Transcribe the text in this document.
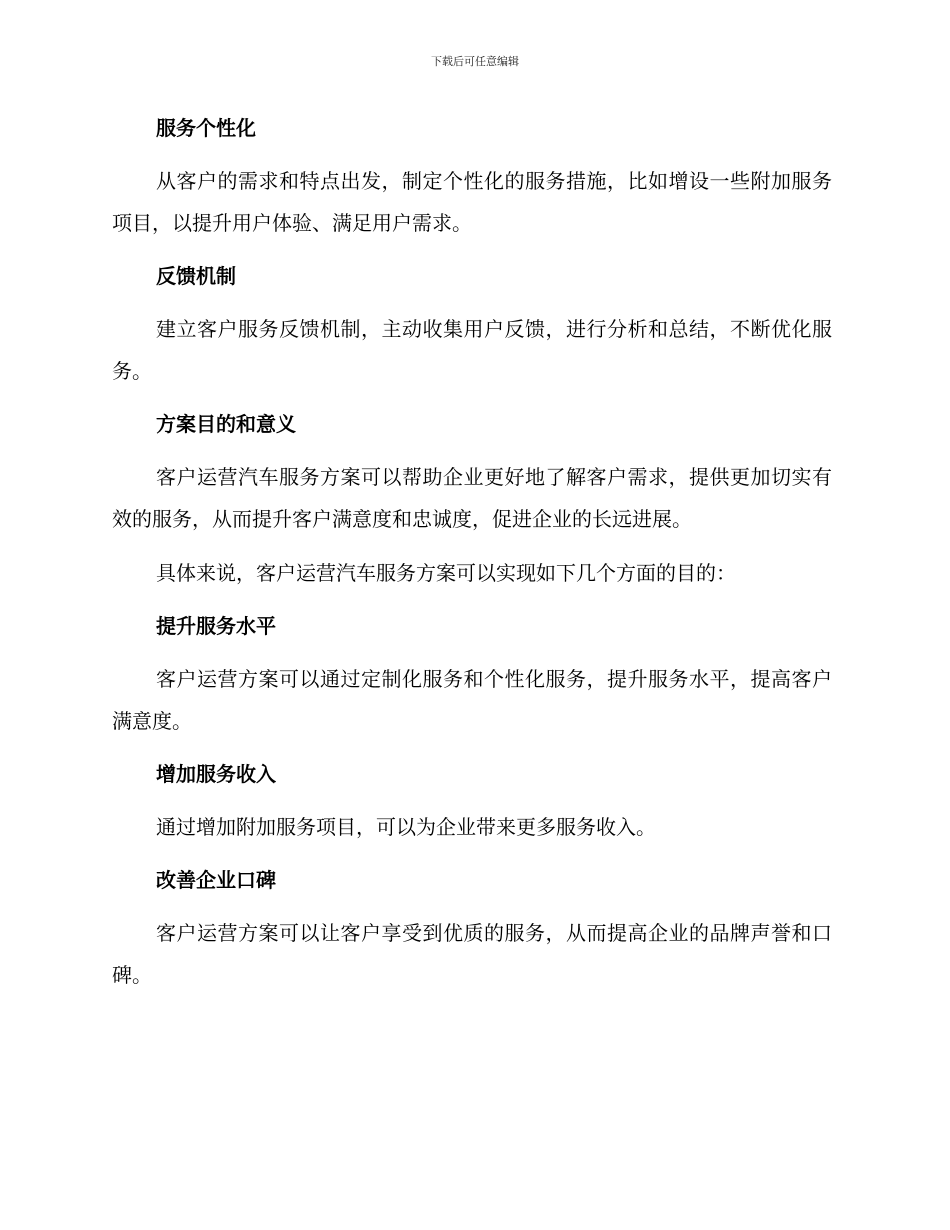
下载后可任意编辑
服务个性化

从客户的需求和特点出发，制定个性化的服务措施，比如增设一些附加服务项目，以提升用户体验、满足用户需求。

反馈机制

建立客户服务反馈机制，主动收集用户反馈，进行分析和总结，不断优化服务。

方案目的和意义

客户运营汽车服务方案可以帮助企业更好地了解客户需求，提供更加切实有效的服务，从而提升客户满意度和忠诚度，促进企业的长远进展。

具体来说，客户运营汽车服务方案可以实现如下几个方面的目的：

提升服务水平

客户运营方案可以通过定制化服务和个性化服务，提升服务水平，提高客户满意度。

增加服务收入

通过增加附加服务项目，可以为企业带来更多服务收入。

改善企业口碑

客户运营方案可以让客户享受到优质的服务，从而提高企业的品牌声誉和口碑。
